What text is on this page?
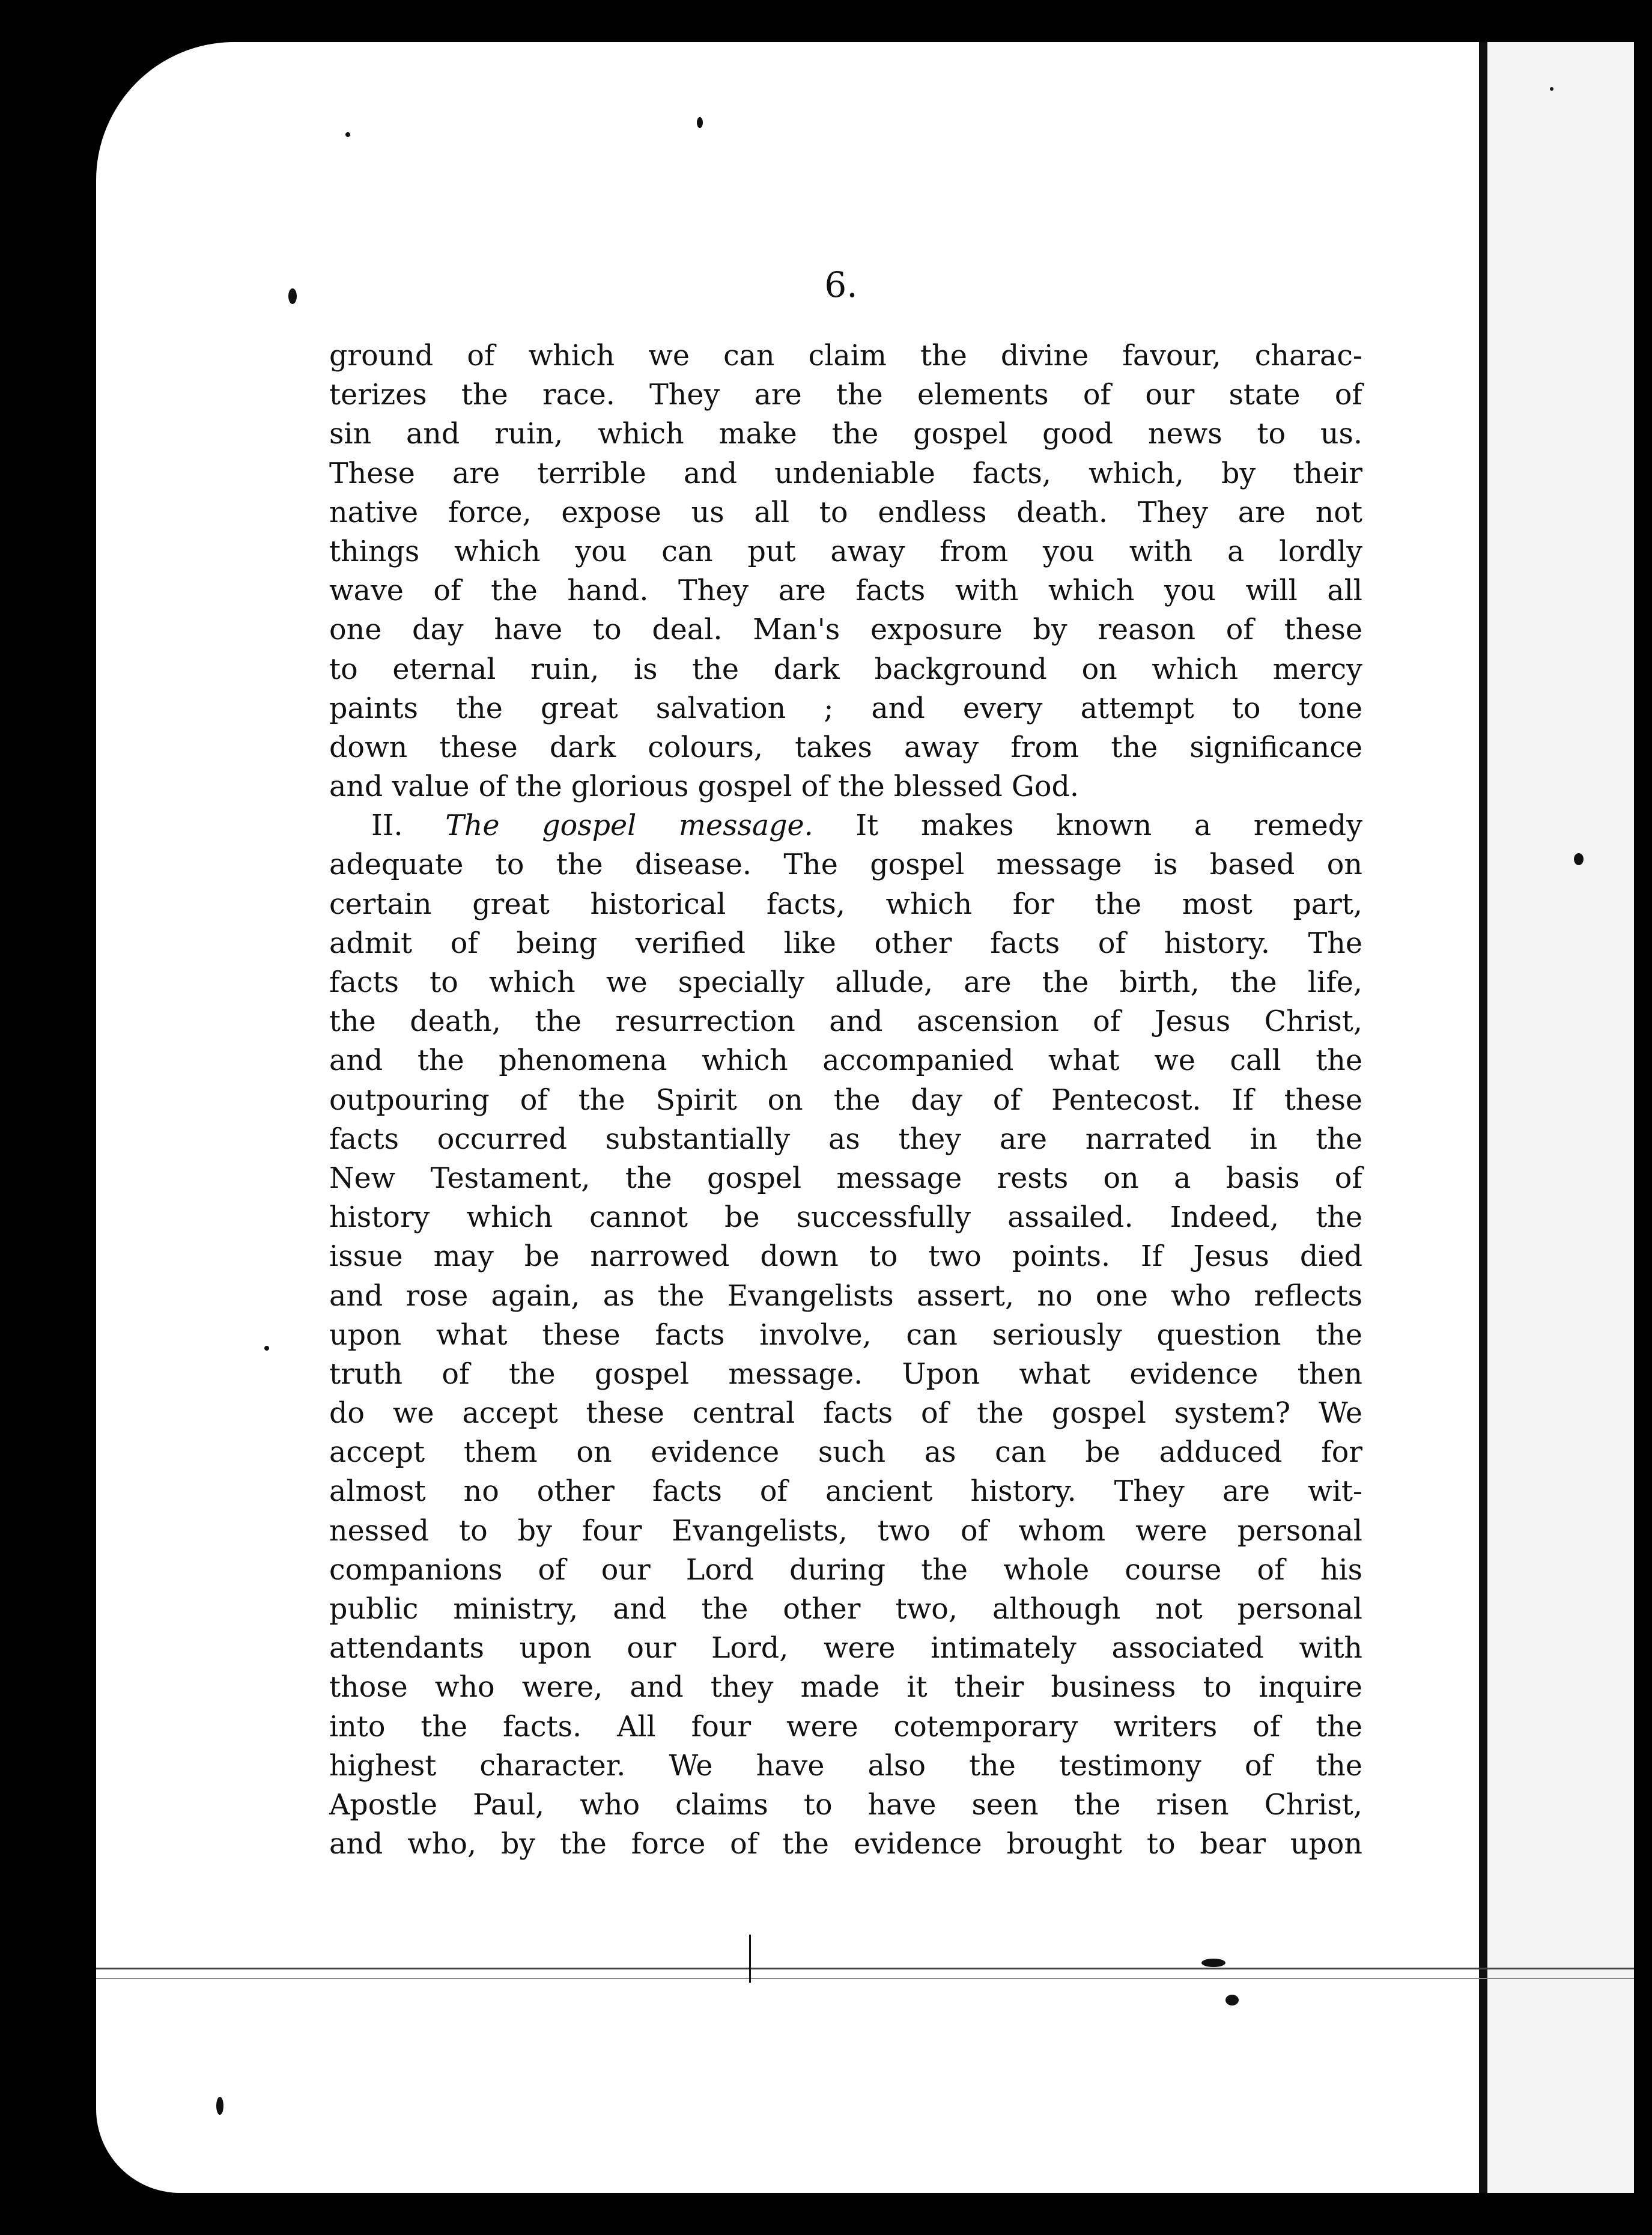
6.
ground of which we can claim the divine favour, charac-
terizes the race. They are the elements of our state of
sin and ruin, which make the gospel good news to us.
These are terrible and undeniable facts, which, by their
native force, expose us all to endless death. They are not
things which you can put away from you with a lordly
wave of the hand. They are facts with which you will all
one day have to deal. Man's exposure by reason of these
to eternal ruin, is the dark background on which mercy
paints the great salvation ; and every attempt to tone
down these dark colours, takes away from the significance
and value of the glorious gospel of the blessed God.
II. The gospel message. It makes known a remedy
adequate to the disease. The gospel message is based on
certain great historical facts, which for the most part,
admit of being verified like other facts of history. The
facts to which we specially allude, are the birth, the life,
the death, the resurrection and ascension of Jesus Christ,
and the phenomena which accompanied what we call the
outpouring of the Spirit on the day of Pentecost. If these
facts occurred substantially as they are narrated in the
New Testament, the gospel message rests on a basis of
history which cannot be successfully assailed. Indeed, the
issue may be narrowed down to two points. If Jesus died
and rose again, as the Evangelists assert, no one who reflects
upon what these facts involve, can seriously question the
truth of the gospel message. Upon what evidence then
do we accept these central facts of the gospel system? We
accept them on evidence such as can be adduced for
almost no other facts of ancient history. They are wit-
nessed to by four Evangelists, two of whom were personal
companions of our Lord during the whole course of his
public ministry, and the other two, although not personal
attendants upon our Lord, were intimately associated with
those who were, and they made it their business to inquire
into the facts. All four were cotemporary writers of the
highest character. We have also the testimony of the
Apostle Paul, who claims to have seen the risen Christ,
and who, by the force of the evidence brought to bear upon
